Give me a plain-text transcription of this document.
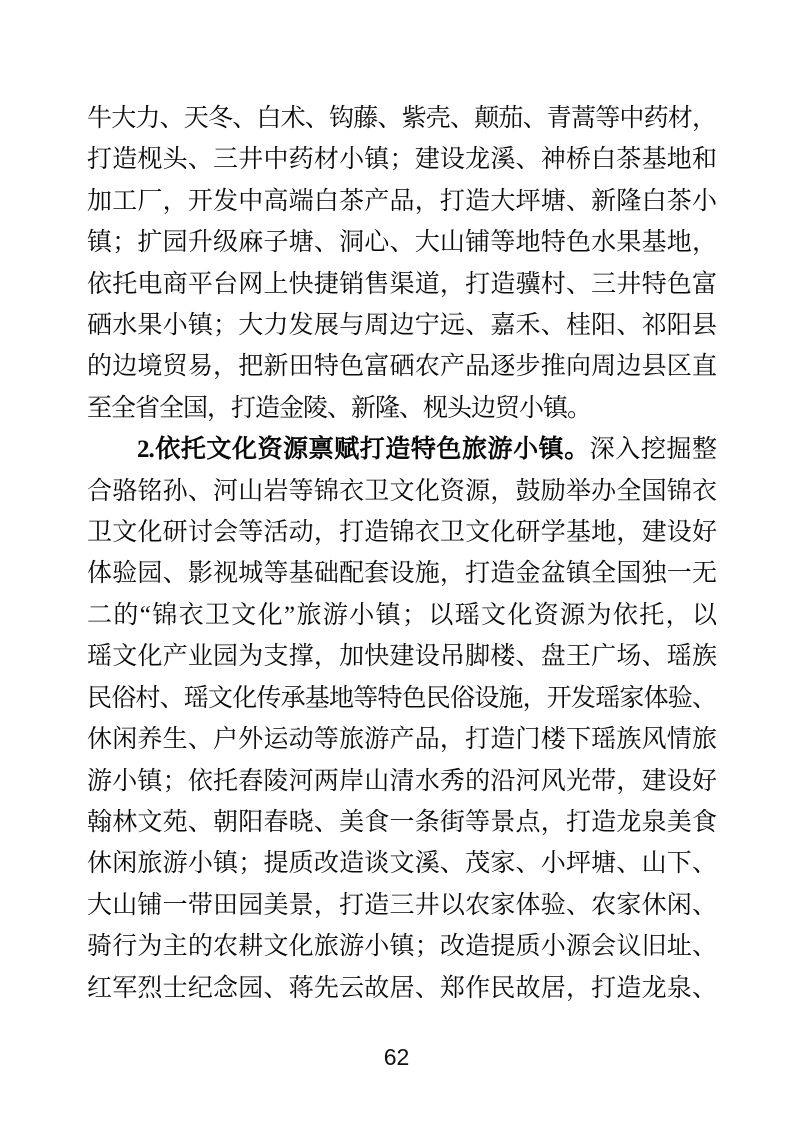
牛大力、天冬、白术、钩藤、紫壳、颠茄、青蒿等中药材，
打造枧头、三井中药材小镇；建设龙溪、神桥白茶基地和
加工厂，开发中高端白茶产品，打造大坪塘、新隆白茶小
镇；扩园升级麻子塘、洞心、大山铺等地特色水果基地，
依托电商平台网上快捷销售渠道，打造骥村、三井特色富
硒水果小镇；大力发展与周边宁远、嘉禾、桂阳、祁阳县
的边境贸易，把新田特色富硒农产品逐步推向周边县区直
至全省全国，打造金陵、新隆、枧头边贸小镇。
2.依托文化资源禀赋打造特色旅游小镇。深入挖掘整
合骆铭孙、河山岩等锦衣卫文化资源，鼓励举办全国锦衣
卫文化研讨会等活动，打造锦衣卫文化研学基地，建设好
体验园、影视城等基础配套设施，打造金盆镇全国独一无
二的“锦衣卫文化”旅游小镇；以瑶文化资源为依托，以
瑶文化产业园为支撑，加快建设吊脚楼、盘王广场、瑶族
民俗村、瑶文化传承基地等特色民俗设施，开发瑶家体验、
休闲养生、户外运动等旅游产品，打造门楼下瑶族风情旅
游小镇；依托舂陵河两岸山清水秀的沿河风光带，建设好
翰林文苑、朝阳春晓、美食一条街等景点，打造龙泉美食
休闲旅游小镇；提质改造谈文溪、茂家、小坪塘、山下、
大山铺一带田园美景，打造三井以农家体验、农家休闲、
骑行为主的农耕文化旅游小镇；改造提质小源会议旧址、
红军烈士纪念园、蒋先云故居、郑作民故居，打造龙泉、
62
